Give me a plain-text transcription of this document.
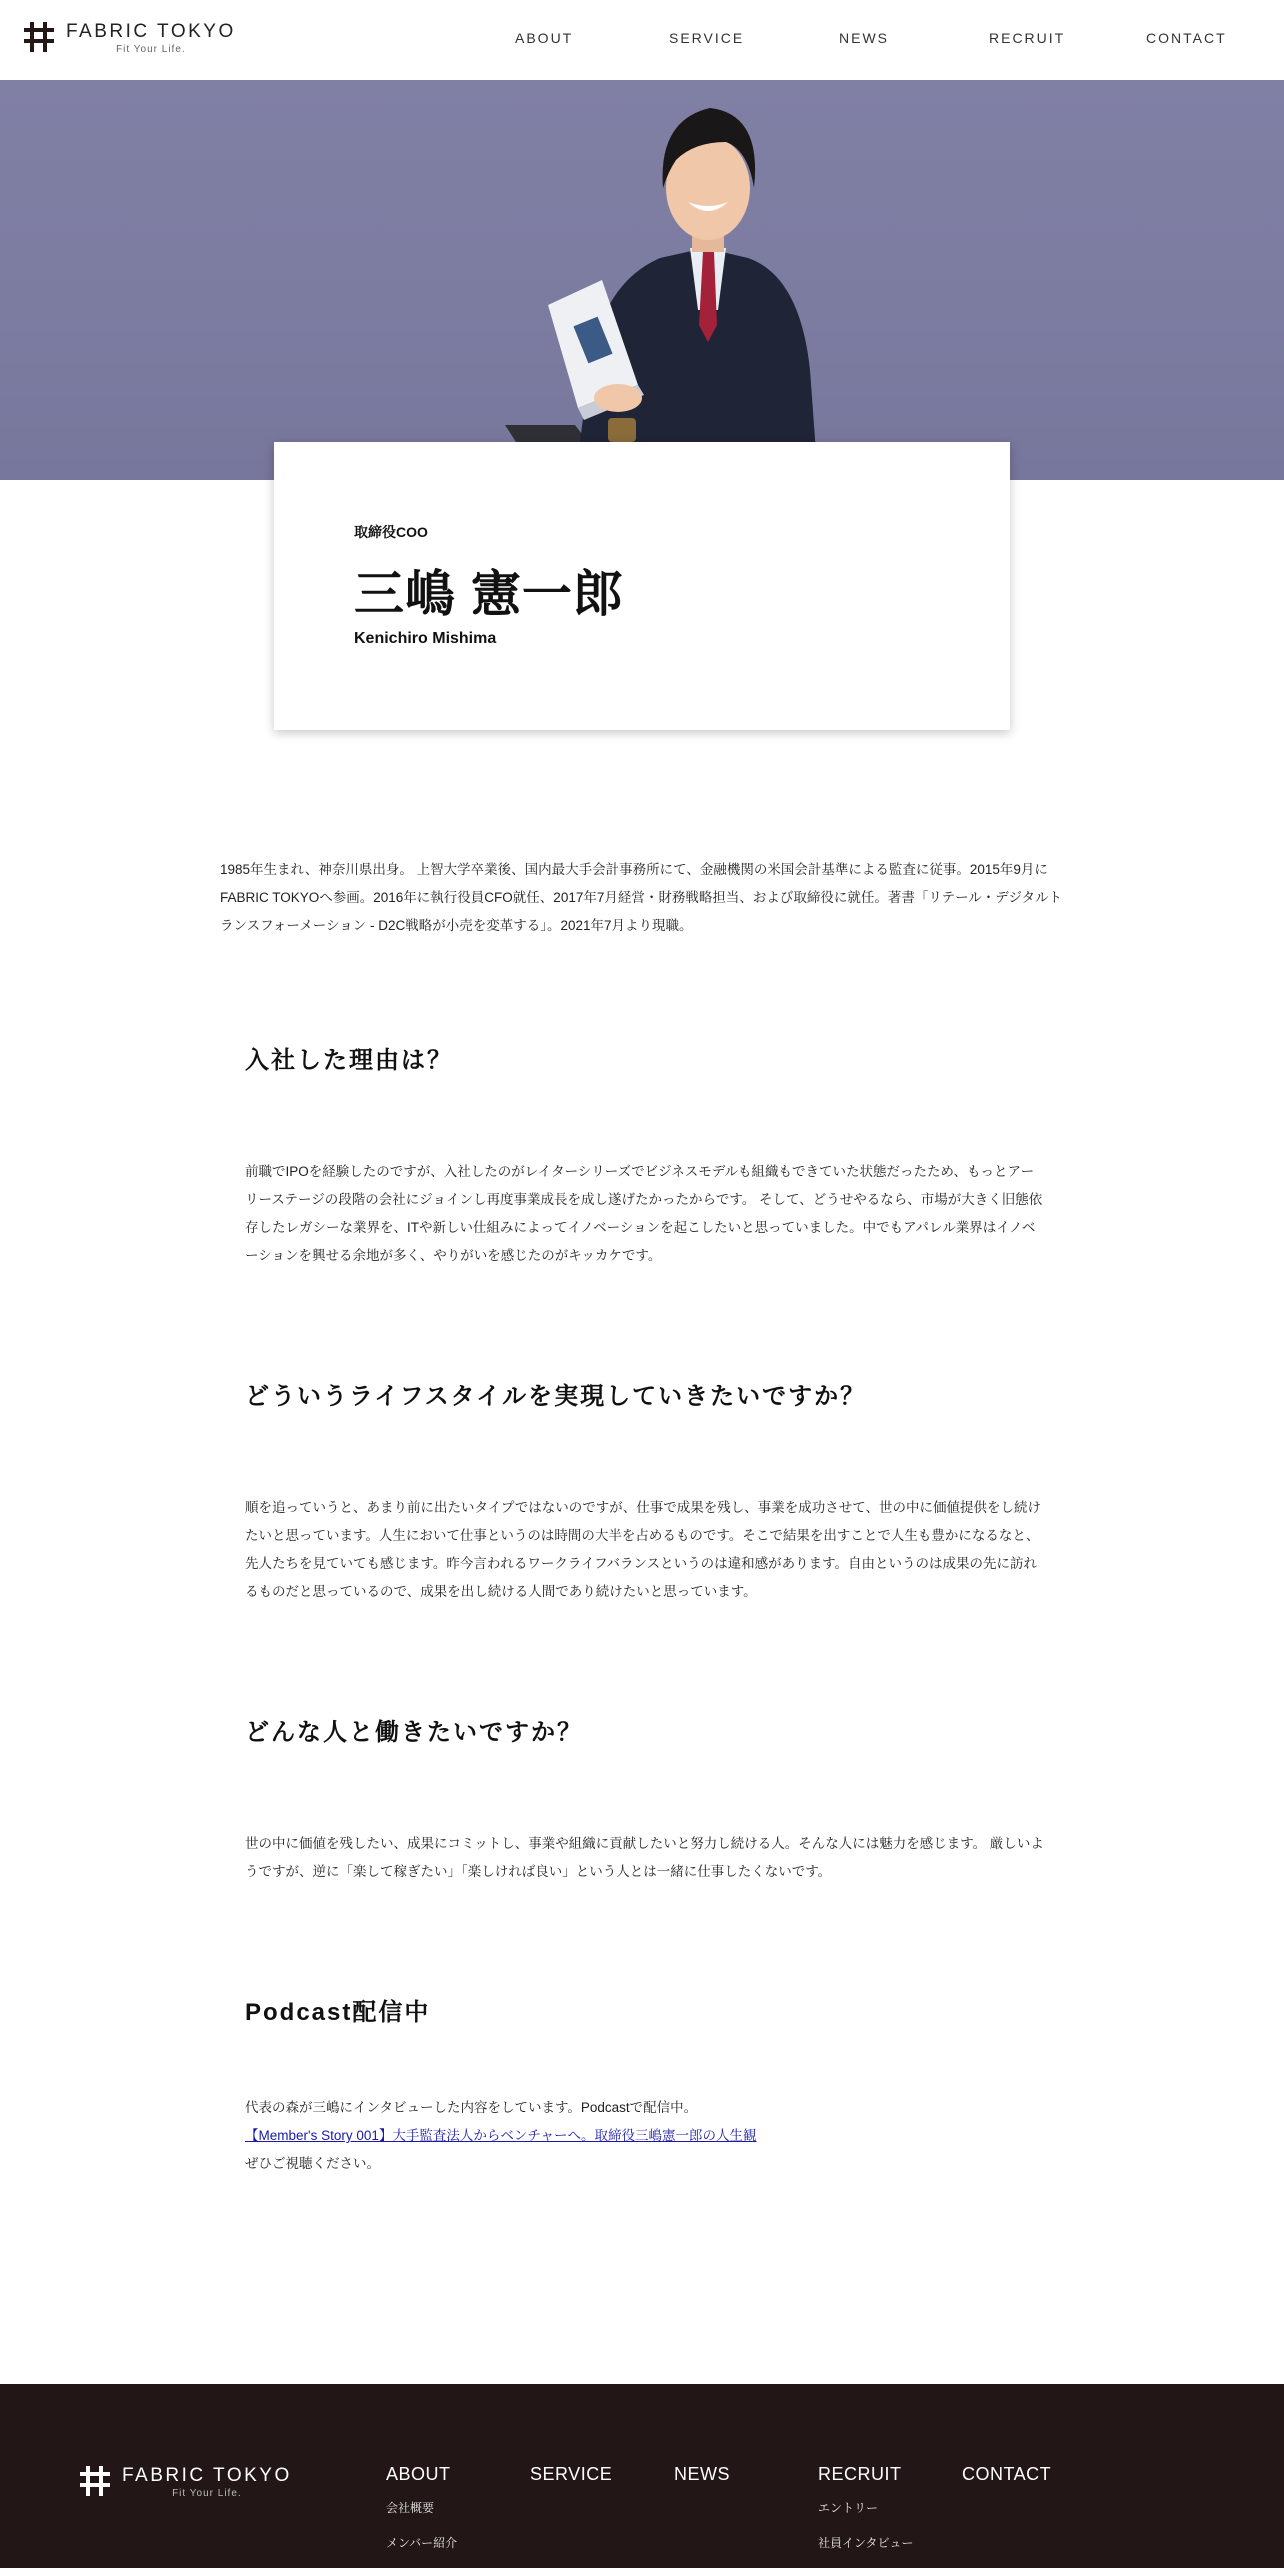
FABRIC TOKYO
Fit Your Life.
ABOUT	SERVICE	NEWS	RECRUIT	CONTACT
取締役COO
三嶋 憲一郎
Kenichiro Mishima

1985年生まれ、神奈川県出身。 上智大学卒業後、国内最大手会計事務所にて、金融機関の米国会計基準による監査に従事。2015年9月にFABRIC TOKYOへ参画。2016年に執行役員CFO就任、2017年7月経営・財務戦略担当、および取締役に就任。著書「リテール・デジタルトランスフォーメーション - D2C戦略が小売を変革する」。2021年7月より現職。

入社した理由は？

前職でIPOを経験したのですが、入社したのがレイターシリーズでビジネスモデルも組織もできていた状態だったため、もっとアーリーステージの段階の会社にジョインし再度事業成長を成し遂げたかったからです。 そして、どうせやるなら、市場が大きく旧態依存したレガシーな業界を、ITや新しい仕組みによってイノベーションを起こしたいと思っていました。中でもアパレル業界はイノベーションを興せる余地が多く、やりがいを感じたのがキッカケです。

どういうライフスタイルを実現していきたいですか？

順を追っていうと、あまり前に出たいタイプではないのですが、仕事で成果を残し、事業を成功させて、世の中に価値提供をし続けたいと思っています。人生において仕事というのは時間の大半を占めるものです。そこで結果を出すことで人生も豊かになるなと、先人たちを見ていても感じます。昨今言われるワークライフバランスというのは違和感があります。自由というのは成果の先に訪れるものだと思っているので、成果を出し続ける人間であり続けたいと思っています。

どんな人と働きたいですか？

世の中に価値を残したい、成果にコミットし、事業や組織に貢献したいと努力し続ける人。そんな人には魅力を感じます。 厳しいようですが、逆に「楽して稼ぎたい」「楽しければ良い」という人とは一緒に仕事したくないです。

Podcast配信中
代表の森が三嶋にインタビューした内容をしています。Podcastで配信中。
【Member's Story 001】大手監査法人からベンチャーへ。取締役三嶋憲一郎の人生観
ぜひご視聴ください。
FABRIC TOKYO
Fit Your Life.
ABOUT
会社概要
メンバー紹介
SERVICE	NEWS	RECRUIT
エントリー
社員インタビュー
CONTACT
